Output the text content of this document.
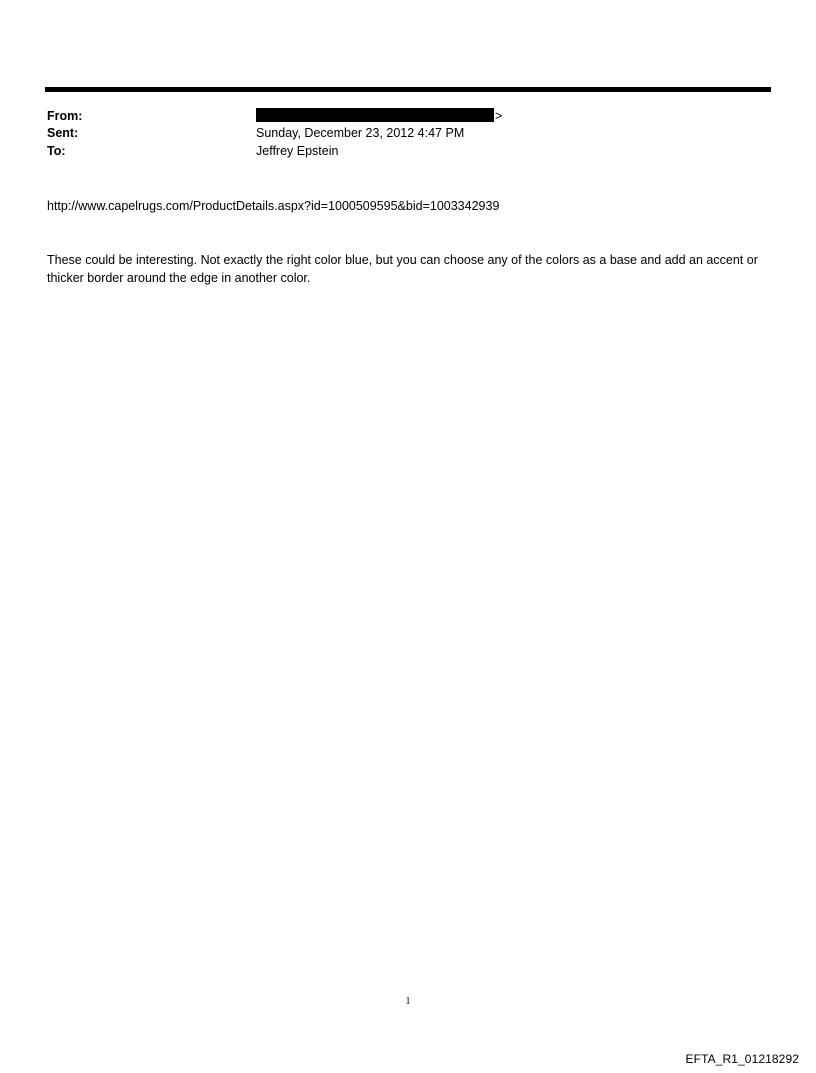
From:	>
Sent:	Sunday, December 23, 2012 4:47 PM
To:	Jeffrey Epstein
http://www.capelrugs.com/ProductDetails.aspx?id=1000509595&bid=1003342939

These could be interesting. Not exactly the right color blue, but you can choose any of the colors as a base and add an accent or thicker border around the edge in another color.

1
EFTA_R1_01218292
